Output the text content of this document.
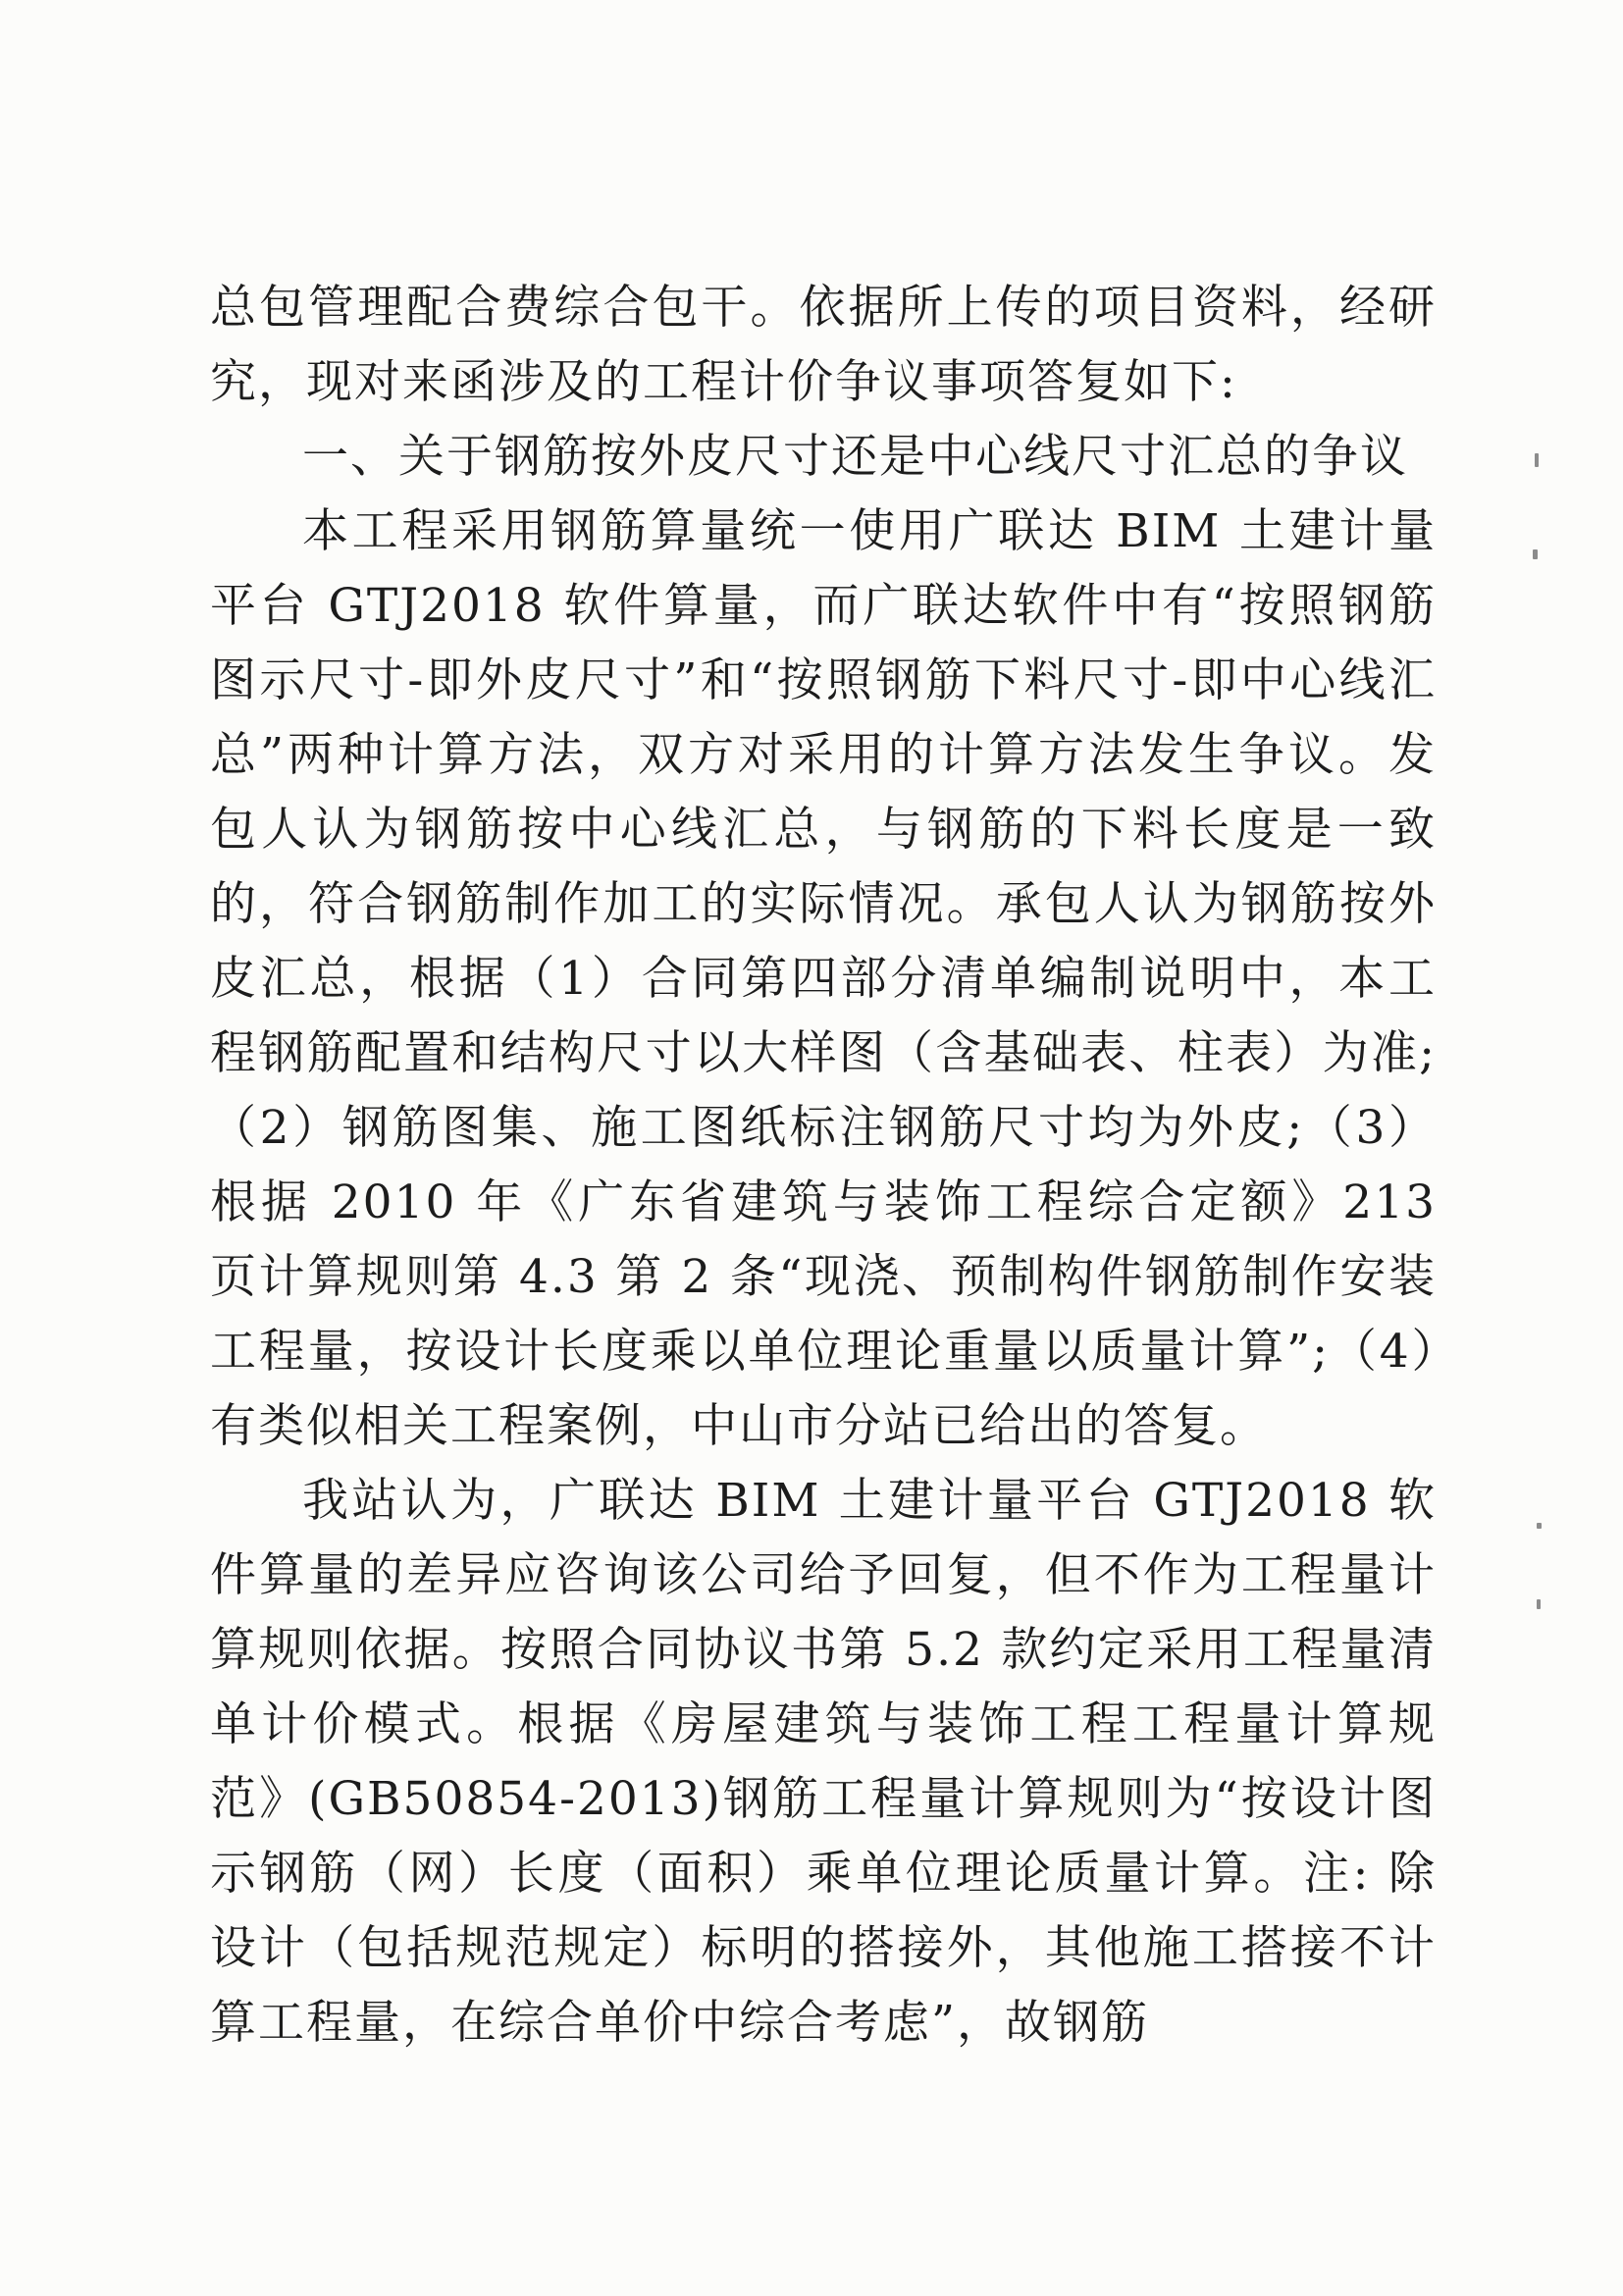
总包管理配合费综合包干。依据所上传的项目资料，经研究，现对来函涉及的工程计价争议事项答复如下:

一、关于钢筋按外皮尺寸还是中心线尺寸汇总的争议

本工程采用钢筋算量统一使用广联达 BIM 土建计量平台 GTJ2018 软件算量，而广联达软件中有“按照钢筋图示尺寸-即外皮尺寸”和“按照钢筋下料尺寸-即中心线汇总”两种计算方法，双方对采用的计算方法发生争议。发包人认为钢筋按中心线汇总，与钢筋的下料长度是一致的，符合钢筋制作加工的实际情况。承包人认为钢筋按外皮汇总，根据（1）合同第四部分清单编制说明中，本工程钢筋配置和结构尺寸以大样图（含基础表、柱表）为准;（2）钢筋图集、施工图纸标注钢筋尺寸均为外皮;（3）根据 2010 年《广东省建筑与装饰工程综合定额》213 页计算规则第 4.3 第 2 条“现浇、预制构件钢筋制作安装工程量，按设计长度乘以单位理论重量以质量计算”;（4）有类似相关工程案例，中山市分站已给出的答复。

我站认为，广联达 BIM 土建计量平台 GTJ2018 软件算量的差异应咨询该公司给予回复，但不作为工程量计算规则依据。按照合同协议书第 5.2 款约定采用工程量清单计价模式。根据《房屋建筑与装饰工程工程量计算规范》(GB50854-2013)钢筋工程量计算规则为“按设计图示钢筋（网）长度（面积）乘单位理论质量计算。注: 除设计（包括规范规定）标明的搭接外，其他施工搭接不计算工程量，在综合单价中综合考虑”，故钢筋
